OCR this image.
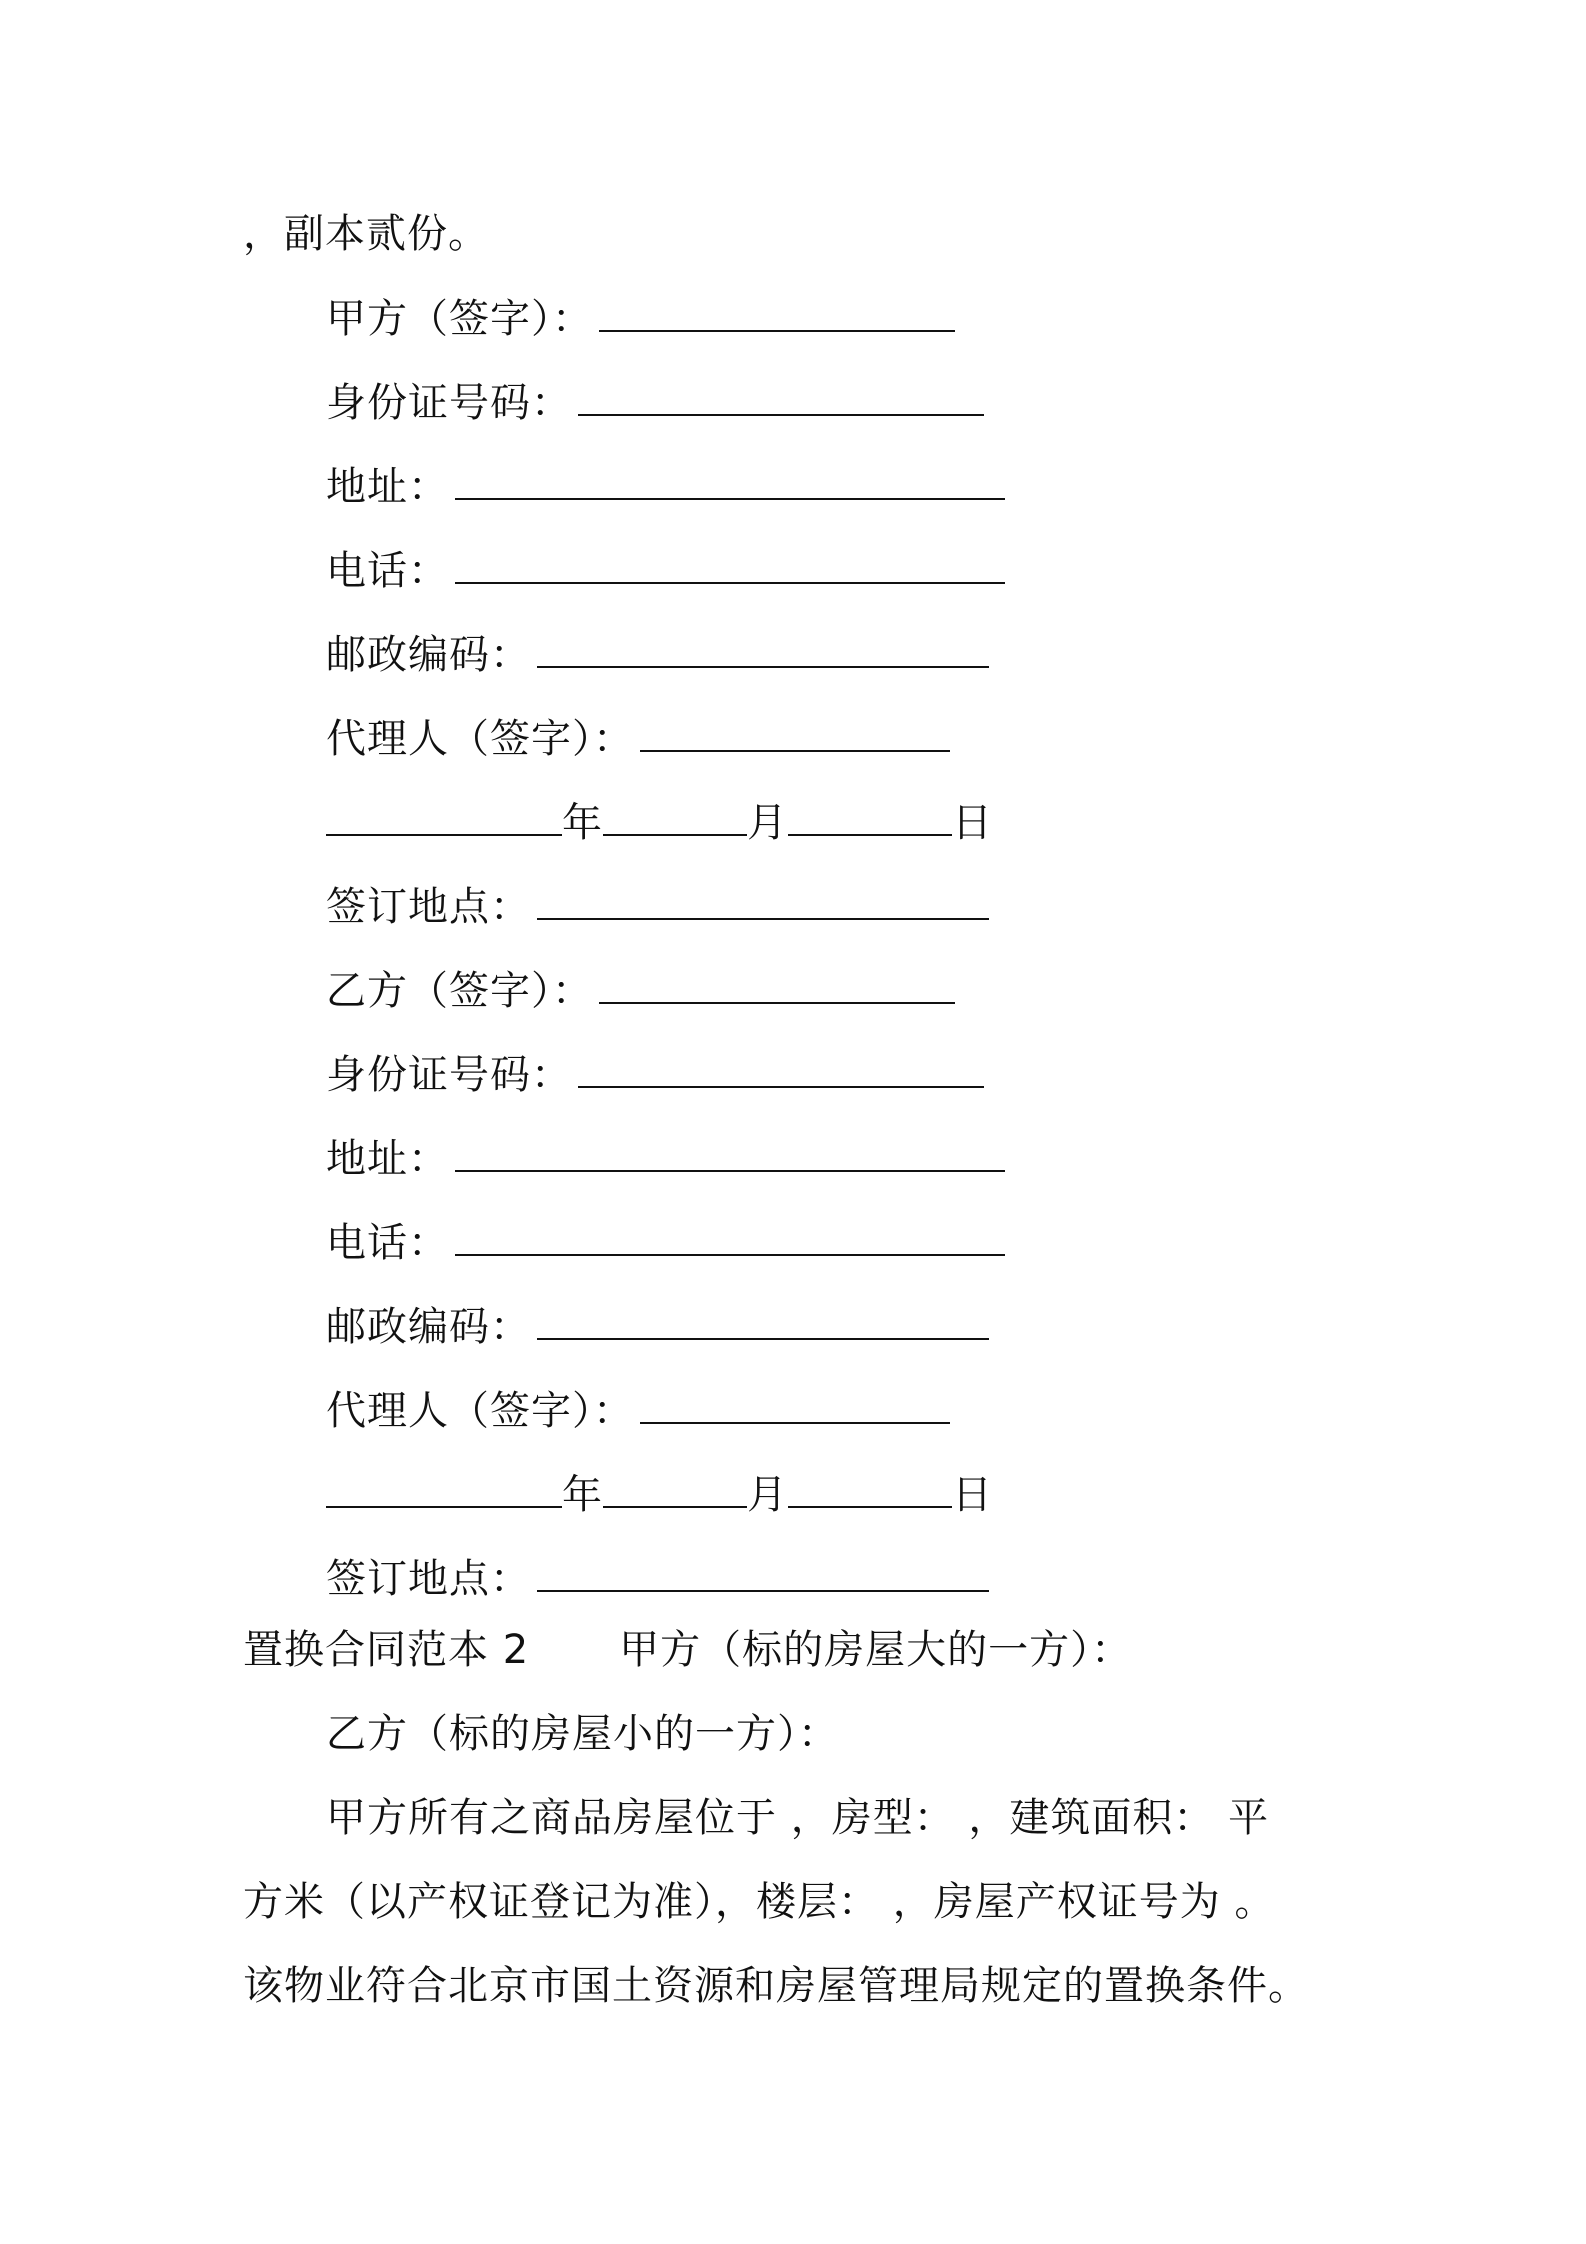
，副本贰份。
甲方（签字）：
身份证号码：
地址：
电话：
邮政编码：
代理人（签字）：
年	月	日
签订地点：
乙方（签字）：
身份证号码：
地址：
电话：
邮政编码：
代理人（签字）：
年	月	日
签订地点：
置换合同范本 2 甲方（标的房屋大的一方）：
乙方（标的房屋小的一方）：
甲方所有之商品房屋位于 ，房型： ，建筑面积： 平
方米（以产权证登记为准），楼层： ，房屋产权证号为 。
该物业符合北京市国土资源和房屋管理局规定的置换条件。
